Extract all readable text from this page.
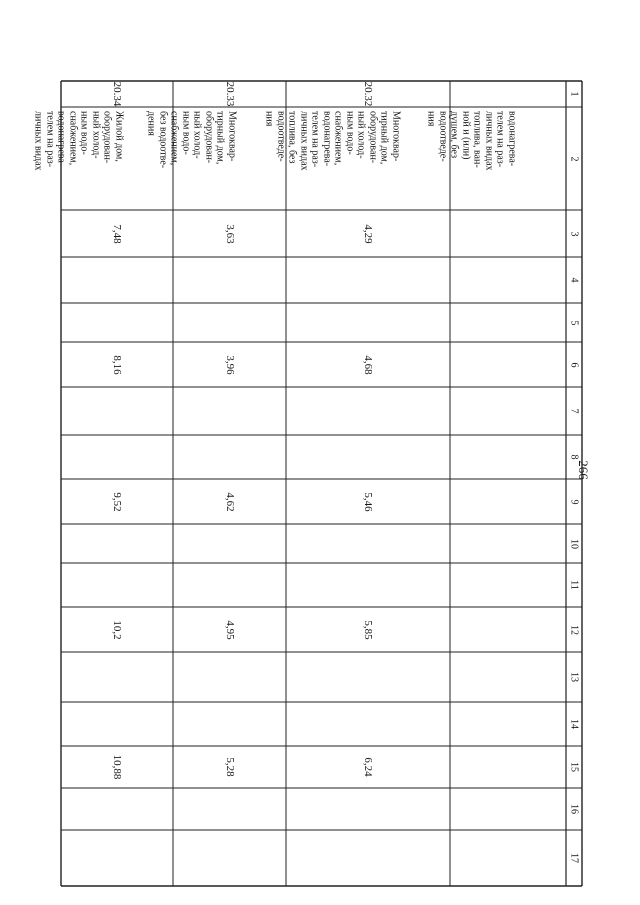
266
1
2
3
4
5
6
7
8
9
10
11
12
13
14
15
16
17
водонагрева-
телем на раз-
личных видах
топлива, ван-
ной и (или)
душем, без
водоотведе-
ния
20.32
Многоквар-
тирный дом,
оборудован-
ный холод-
ным водо-
снабжением,
водонагрева-
телем на раз-
личных видах
топлива, без
водоотведе-
ния
4,29
4,68
5,46
5,85
6,24
20.33
Многоквар-
тирный дом,
оборудован-
ный холод-
ным водо-
снабжением,
без водоотве-
дения
3,63
3,96
4,62
4,95
5,28
20.34
Жилой дом,
оборудован-
ный холод-
ным водо-
снабжением,
водонагрева-
телем на раз-
личных видах
7,48
8,16
9,52
10,2
10,88
